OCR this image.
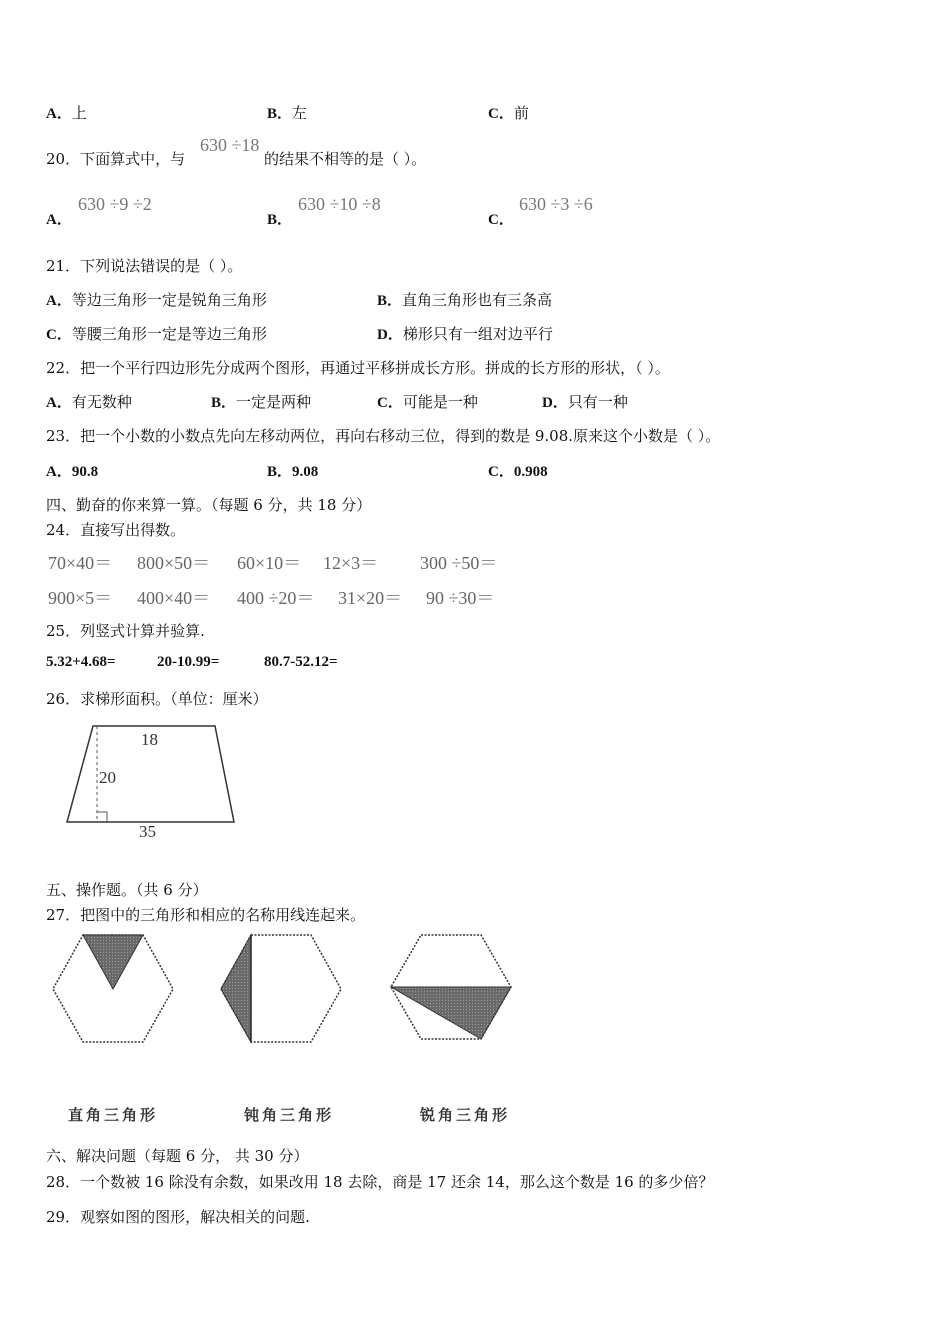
A．上	B．左	C．前
20．下面算式中，与
630 ÷18
的结果不相等的是（ ）。
A．
630 ÷9 ÷2
B．
630 ÷10 ÷8
C．
630 ÷3 ÷6
21．下列说法错误的是（ ）。
A．等边三角形一定是锐角三角形	B．直角三角形也有三条高
C．等腰三角形一定是等边三角形	D．梯形只有一组对边平行
22．把一个平行四边形先分成两个图形，再通过平移拼成长方形。拼成的长方形的形状，（ ）。
A．有无数种	B．一定是两种	C．可能是一种	D．只有一种
23．把一个小数的小数点先向左移动两位，再向右移动三位，得到的数是 9.08.原来这个小数是（ ）。
A．90.8	B．9.08	C．0.908
四、勤奋的你来算一算。（每题 6 分，共 18 分）
24．直接写出得数。
70×40＝ 800×50＝ 60×10＝ 12×3＝ 300 ÷50＝
900×5＝ 400×40＝ 400 ÷20＝ 31×20＝ 90 ÷30＝
25．列竖式计算并验算.
5.32+4.68=	20-10.99=	80.7-52.12=
26．求梯形面积。（单位：厘米）
18
20
35
五、操作题。（共 6 分）
27．把图中的三角形和相应的名称用线连起来。
直角三角形	钝角三角形	锐角三角形
六、解决问题（每题 6 分， 共 30 分）
28．一个数被 16 除没有余数，如果改用 18 去除，商是 17 还余 14，那么这个数是 16 的多少倍？
29．观察如图的图形，解决相关的问题.
